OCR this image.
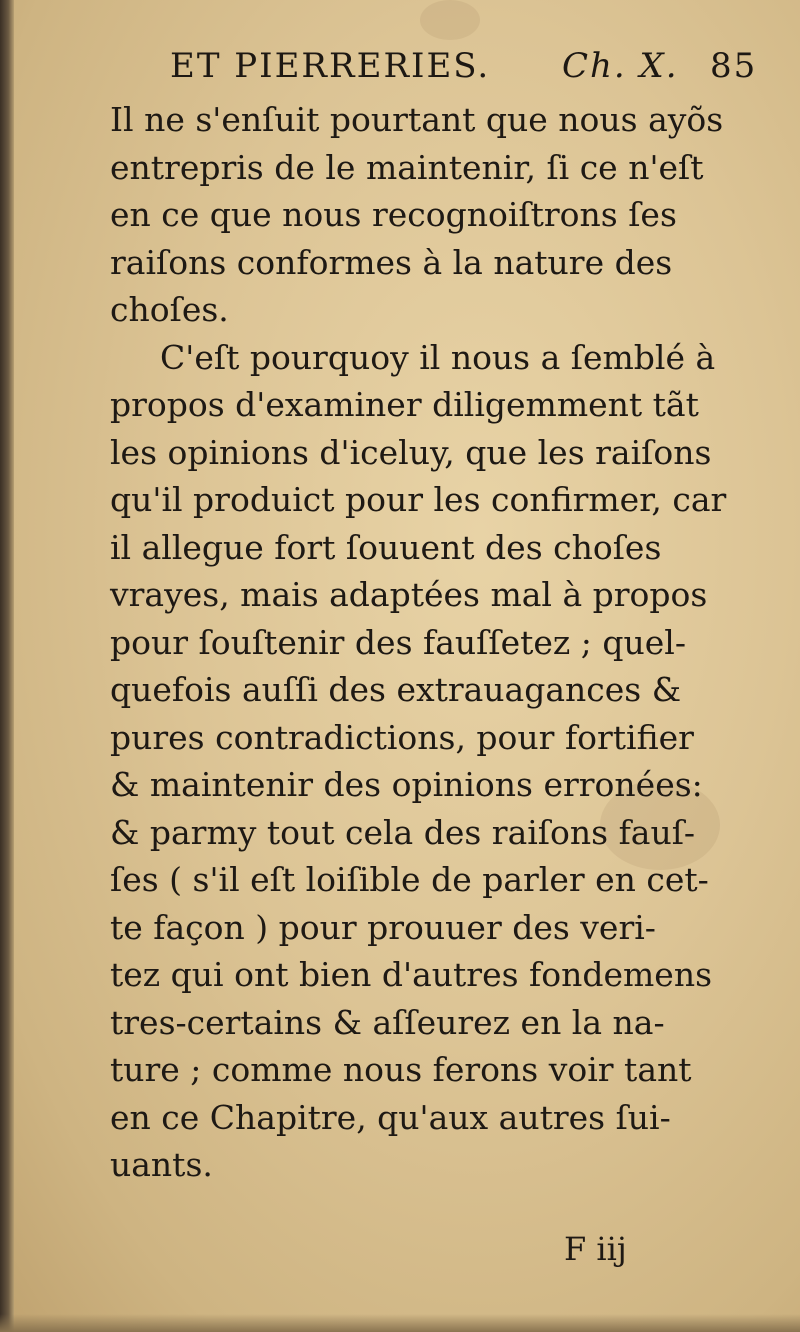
ET PIERRERIES. Ch. X. 85
Il ne s'enſuit pourtant que nous ayõs
entrepris de le maintenir, ſi ce n'eſt
en ce que nous recognoiſtrons ſes
raiſons conformes à la nature des
choſes.
C'eſt pourquoy il nous a ſemblé à
propos d'examiner diligemment tãt
les opinions d'iceluy, que les raiſons
qu'il produict pour les confirmer, car
il allegue fort ſouuent des choſes
vrayes, mais adaptées mal à propos
pour ſouſtenir des fauſſetez ; quel-
quefois auſſi des extrauagances &
pures contradictions, pour fortifier
& maintenir des opinions erronées:
& parmy tout cela des raiſons fauſ-
ſes ( s'il eſt loiſible de parler en cet-
te façon ) pour prouuer des veri-
tez qui ont bien d'autres fondemens
tres-certains & aſſeurez en la na-
ture ; comme nous ferons voir tant
en ce Chapitre, qu'aux autres ſui-
uants.
F iij
